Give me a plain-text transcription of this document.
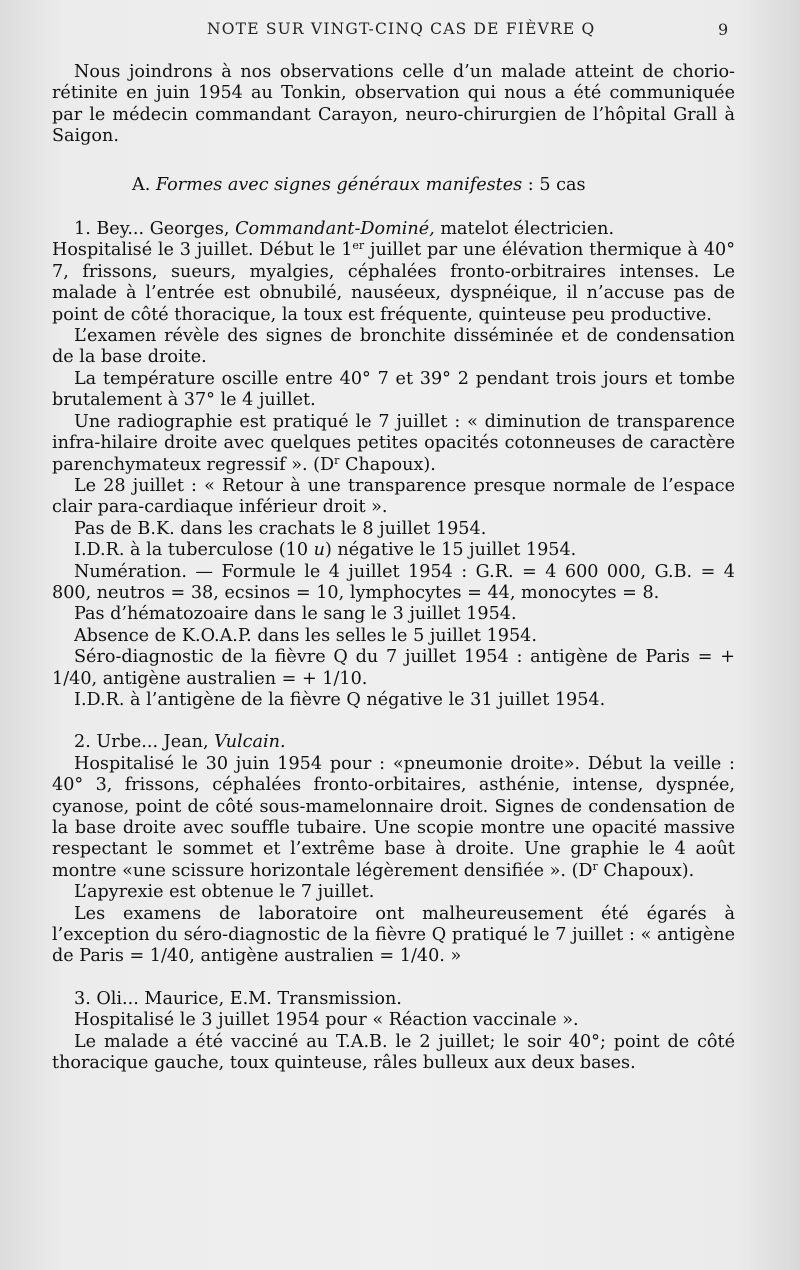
NOTE SUR VINGT-CINQ CAS DE FIÈVRE Q	9

Nous joindrons à nos observations celle d’un malade atteint de chorio-rétinite en juin 1954 au Tonkin, observation qui nous a été communiquée par le médecin commandant Carayon, neuro-chirurgien de l’hôpital Grall à Saigon.

A. Formes avec signes généraux manifestes : 5 cas

1. Bey... Georges, Commandant-Dominé, matelot électricien.

Hospitalisé le 3 juillet. Début le 1er juillet par une élévation thermique à 40° 7, frissons, sueurs, myalgies, céphalées fronto-orbitraires intenses. Le malade à l’entrée est obnubilé, nauséeux, dyspnéique, il n’accuse pas de point de côté thoracique, la toux est fréquente, quinteuse peu productive.

L’examen révèle des signes de bronchite disséminée et de condensation de la base droite.

La température oscille entre 40° 7 et 39° 2 pendant trois jours et tombe brutalement à 37° le 4 juillet.

Une radiographie est pratiqué le 7 juillet : « diminution de transparence infra-hilaire droite avec quelques petites opacités cotonneuses de caractère parenchymateux regressif ». ($D^r$ Chapoux).

Le 28 juillet : « Retour à une transparence presque normale de l’espace clair para-cardiaque inférieur droit ».

Pas de B.K. dans les crachats le 8 juillet 1954.

I.D.R. à la tuberculose (10 u) négative le 15 juillet 1954.

Numération. — Formule le 4 juillet 1954 : G.R. = 4 600 000, G.B. = 4 800, neutros = 38, ecsinos = 10, lymphocytes = 44, monocytes = 8.

Pas d’hématozoaire dans le sang le 3 juillet 1954.

Absence de K.O.A.P. dans les selles le 5 juillet 1954.

Séro-diagnostic de la fièvre Q du 7 juillet 1954 : antigène de Paris = + 1/40, antigène australien = + 1/10.

I.D.R. à l’antigène de la fièvre Q négative le 31 juillet 1954.

2. Urbe... Jean, Vulcain.

Hospitalisé le 30 juin 1954 pour : «pneumonie droite». Début la veille : 40° 3, frissons, céphalées fronto-orbitaires, asthénie, intense, dyspnée, cyanose, point de côté sous-mamelonnaire droit. Signes de condensation de la base droite avec souffle tubaire. Une scopie montre une opacité massive respectant le sommet et l’extrême base à droite. Une graphie le 4 août montre «une scissure horizontale légèrement densifiée ». ($D^r$ Chapoux).

L’apyrexie est obtenue le 7 juillet.

Les examens de laboratoire ont malheureusement été égarés à l’exception du séro-diagnostic de la fièvre Q pratiqué le 7 juillet : « antigène de Paris = 1/40, antigène australien = 1/40. »

3. Oli... Maurice, E.M. Transmission.

Hospitalisé le 3 juillet 1954 pour « Réaction vaccinale ».

Le malade a été vacciné au T.A.B. le 2 juillet; le soir 40°; point de côté thoracique gauche, toux quinteuse, râles bulleux aux deux bases.
